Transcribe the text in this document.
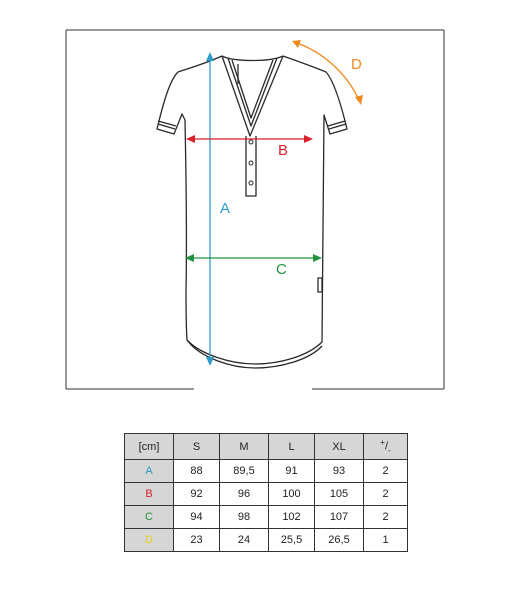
A
B
C
D
[cm]	S	M	L	XL	$^+/_-$
A	88	89,5	91	93	2
B	92	96	100	105	2
C	94	98	102	107	2
D	23	24	25,5	26,5	1
